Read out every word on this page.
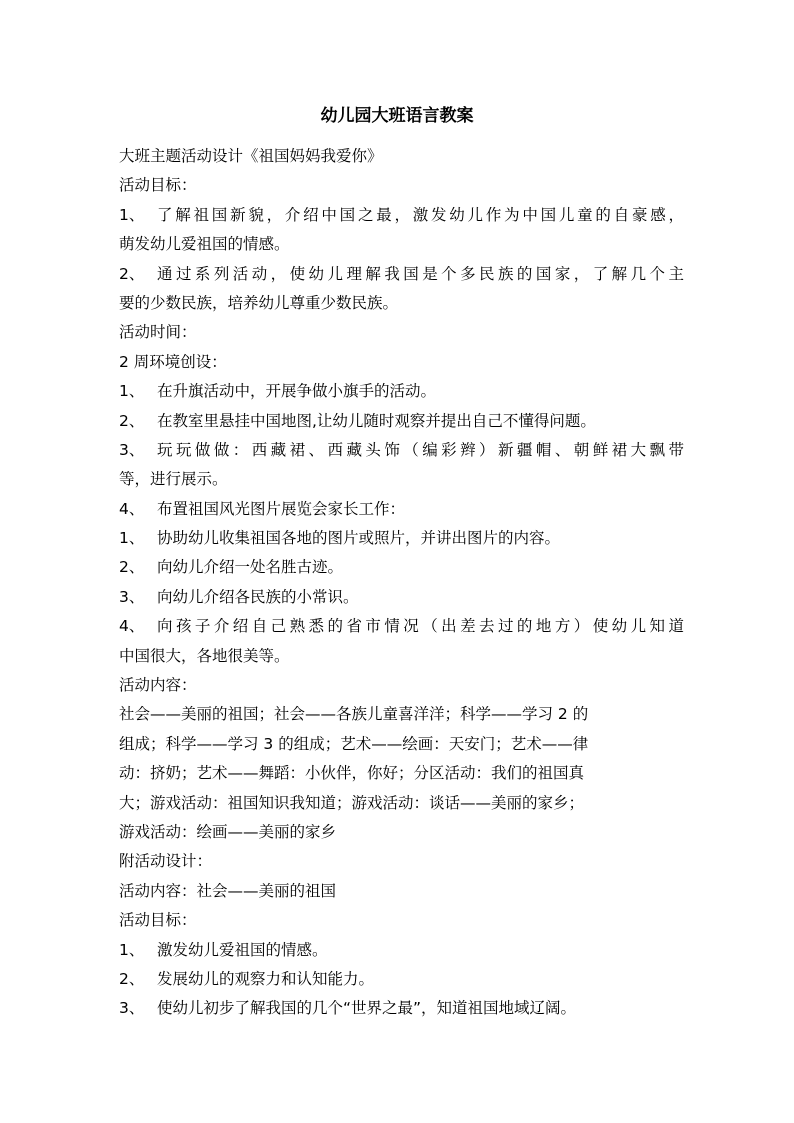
幼儿园大班语言教案
大班主题活动设计《祖国妈妈我爱你》
活动目标：
1、 了解祖国新貌，介绍中国之最，激发幼儿作为中国儿童的自豪感，
萌发幼儿爱祖国的情感。
2、 通过系列活动，使幼儿理解我国是个多民族的国家，了解几个主
要的少数民族，培养幼儿尊重少数民族。
活动时间：
2 周环境创设：
1、 在升旗活动中，开展争做小旗手的活动。
2、 在教室里悬挂中国地图,让幼儿随时观察并提出自己不懂得问题。
3、 玩玩做做：西藏裙、西藏头饰（编彩辫）新疆帽、朝鲜裙大飘带
等，进行展示。
4、 布置祖国风光图片展览会家长工作：
1、 协助幼儿收集祖国各地的图片或照片，并讲出图片的内容。
2、 向幼儿介绍一处名胜古迹。
3、 向幼儿介绍各民族的小常识。
4、 向孩子介绍自己熟悉的省市情况（出差去过的地方）使幼儿知道
中国很大，各地很美等。
活动内容：
社会——美丽的祖国；社会——各族儿童喜洋洋；科学——学习 2 的
组成；科学——学习 3 的组成；艺术——绘画：天安门；艺术——律
动：挤奶；艺术——舞蹈：小伙伴，你好；分区活动：我们的祖国真
大；游戏活动：祖国知识我知道；游戏活动：谈话——美丽的家乡；
游戏活动：绘画——美丽的家乡
附活动设计：
活动内容：社会——美丽的祖国
活动目标：
1、 激发幼儿爱祖国的情感。
2、 发展幼儿的观察力和认知能力。
3、 使幼儿初步了解我国的几个“世界之最”，知道祖国地域辽阔。
